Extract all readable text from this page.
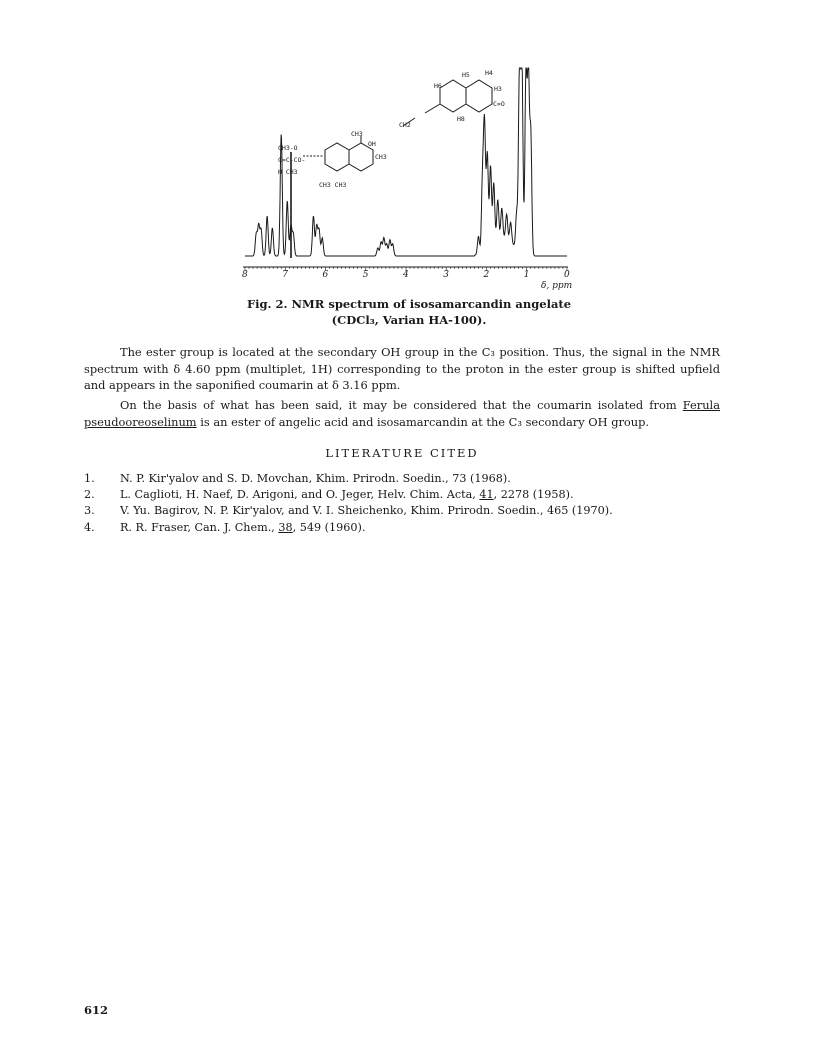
H5 H4
H6	H3
H8
C=O
CH2
CH3
OH
CH3
CH3 CH3
CH3-O
C=C-CO-
H CH3
8	7	6	5	4	3	2	1	0
δ, ppm
Fig. 2. NMR spectrum of isosamarcandin angelate
(CDCl₃, Varian HA-100).
The ester group is located at the secondary OH group in the C₃ position. Thus, the signal in the NMR spectrum with δ 4.60 ppm (multiplet, 1H) corresponding to the proton in the ester group is shifted upfield and appears in the saponified coumarin at δ 3.16 ppm.
On the basis of what has been said, it may be considered that the coumarin isolated from Ferula pseudooreoselinum is an ester of angelic acid and isosamarcandin at the C₃ secondary OH group.
LITERATURE CITED
1.	N. P. Kir'yalov and S. D. Movchan, Khim. Prirodn. Soedin., 73 (1968).
2.	L. Caglioti, H. Naef, D. Arigoni, and O. Jeger, Helv. Chim. Acta, 41, 2278 (1958).
3.	V. Yu. Bagirov, N. P. Kir'yalov, and V. I. Sheichenko, Khim. Prirodn. Soedin., 465 (1970).
4.	R. R. Fraser, Can. J. Chem., 38, 549 (1960).
612
